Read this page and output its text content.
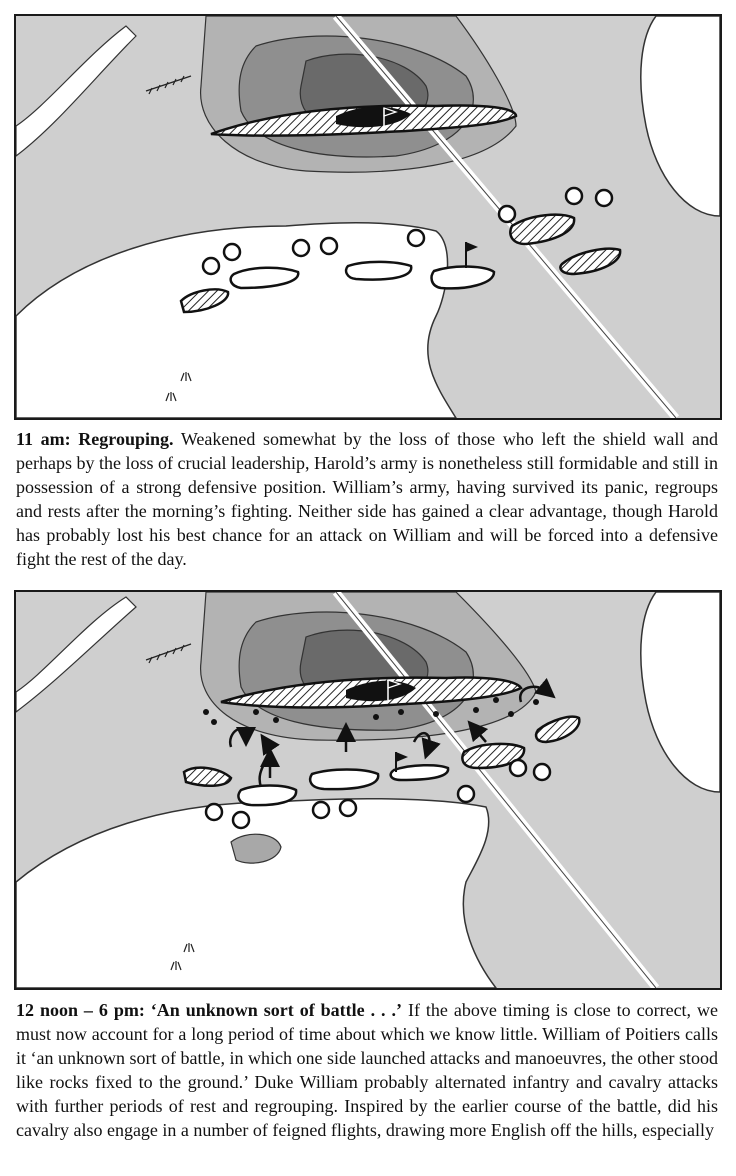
11 am: Regrouping. Weakened somewhat by the loss of those who left the shield wall and perhaps by the loss of crucial leadership, Harold’s army is nonetheless still formidable and still in possession of a strong defensive position. William’s army, having survived its panic, regroups and rests after the morning’s fighting. Neither side has gained a clear advantage, though Harold has probably lost his best chance for an attack on William and will be forced into a defensive fight the rest of the day.

12 noon – 6 pm: ‘An unknown sort of battle . . .’ If the above timing is close to correct, we must now account for a long period of time about which we know little. William of Poitiers calls it ‘an unknown sort of battle, in which one side launched attacks and manoeuvres, the other stood like rocks fixed to the ground.’ Duke William probably alternated infantry and cavalry attacks with further periods of rest and regrouping. Inspired by the earlier course of the battle, did his cavalry also engage in a number of feigned flights, drawing more English off the hills, especially
